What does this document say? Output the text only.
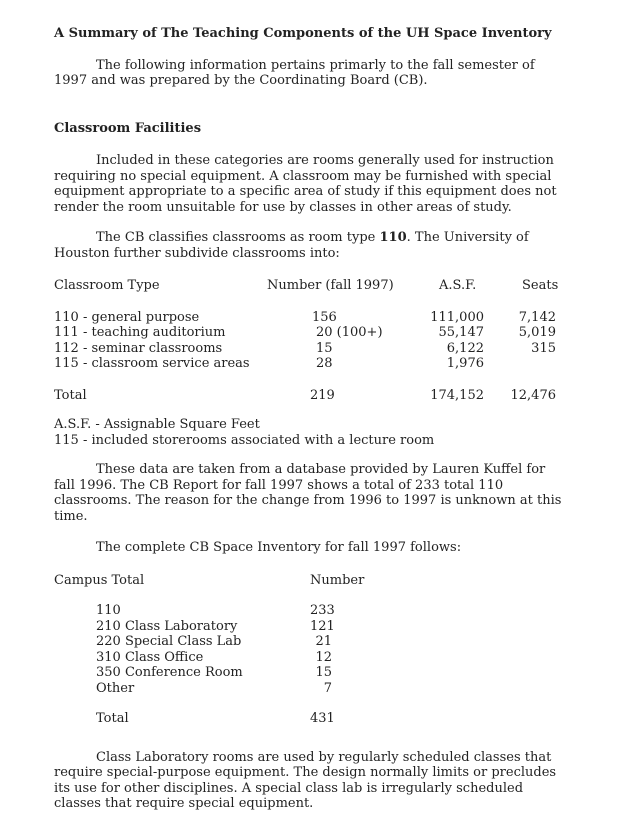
A Summary of The Teaching Components of the UH Space Inventory

The following information pertains primarly to the fall semester of 1997 and was prepared by the Coordinating Board (CB).

Classroom Facilities

Included in these categories are rooms generally used for instruction requiring no special equipment. A classroom may be furnished with special equipment appropriate to a specific area of study if this equipment does not render the room unsuitable for use by classes in other areas of study.

The CB classifies classrooms as room type 110. The University of Houston further subdivide classrooms into:

Classroom Type	Number (fall 1997)	A.S.F.	Seats
110 - general purpose	156	111,000	7,142
111 - teaching auditorium	20 (100+)	55,147	5,019
112 - seminar classrooms	15	6,122	315
115 - classroom service areas	28	1,976
Total	219	174,152	12,476

A.S.F. - Assignable Square Feet

115 - included storerooms associated with a lecture room

These data are taken from a database provided by Lauren Kuffel for fall 1996. The CB Report for fall 1997 shows a total of 233 total 110 classrooms. The reason for the change from 1996 to 1997 is unknown at this time.

The complete CB Space Inventory for fall 1997 follows:

Campus Total	Number
110	233
210 Class Laboratory	121
220 Special Class Lab	21
310 Class Office	12
350 Conference Room	15
Other	7
Total	431

Class Laboratory rooms are used by regularly scheduled classes that require special-purpose equipment. The design normally limits or precludes its use for other disciplines. A special class lab is irregularly scheduled classes that require special equipment.
